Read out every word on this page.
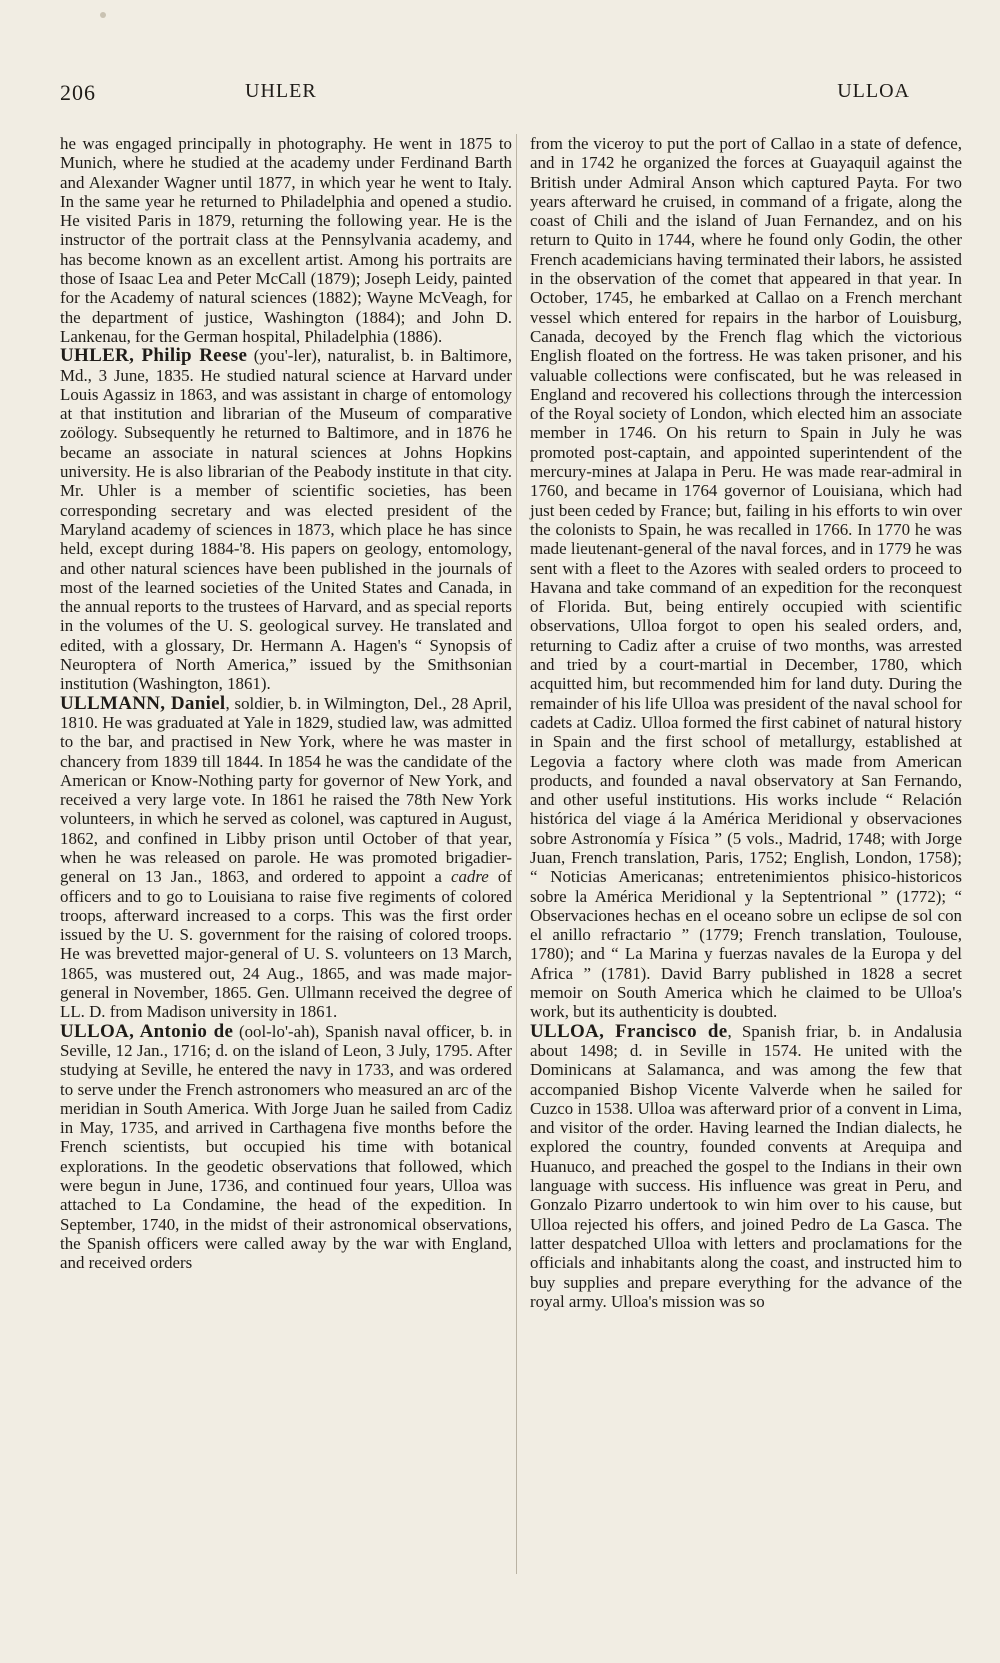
206	UHLER	ULLOA

he was engaged principally in photography. He went in 1875 to Munich, where he studied at the academy under Ferdinand Barth and Alexander Wagner until 1877, in which year he went to Italy. In the same year he returned to Philadelphia and opened a studio. He visited Paris in 1879, returning the following year. He is the instructor of the portrait class at the Pennsylvania academy, and has become known as an excellent artist. Among his portraits are those of Isaac Lea and Peter McCall (1879); Joseph Leidy, painted for the Academy of natural sciences (1882); Wayne McVeagh, for the department of justice, Washington (1884); and John D. Lankenau, for the German hospital, Philadelphia (1886).

UHLER, Philip Reese (you'-ler), naturalist, b. in Baltimore, Md., 3 June, 1835. He studied natural science at Harvard under Louis Agassiz in 1863, and was assistant in charge of entomology at that institution and librarian of the Museum of comparative zoölogy. Subsequently he returned to Baltimore, and in 1876 he became an associate in natural sciences at Johns Hopkins university. He is also librarian of the Peabody institute in that city. Mr. Uhler is a member of scientific societies, has been corresponding secretary and was elected president of the Maryland academy of sciences in 1873, which place he has since held, except during 1884-'8. His papers on geology, entomology, and other natural sciences have been published in the journals of most of the learned societies of the United States and Canada, in the annual reports to the trustees of Harvard, and as special reports in the volumes of the U. S. geological survey. He translated and edited, with a glossary, Dr. Hermann A. Hagen's “ Synopsis of Neuroptera of North America,” issued by the Smithsonian institution (Washington, 1861).

ULLMANN, Daniel, soldier, b. in Wilmington, Del., 28 April, 1810. He was graduated at Yale in 1829, studied law, was admitted to the bar, and practised in New York, where he was master in chancery from 1839 till 1844. In 1854 he was the candidate of the American or Know-Nothing party for governor of New York, and received a very large vote. In 1861 he raised the 78th New York volunteers, in which he served as colonel, was captured in August, 1862, and confined in Libby prison until October of that year, when he was released on parole. He was promoted brigadier-general on 13 Jan., 1863, and ordered to appoint a cadre of officers and to go to Louisiana to raise five regiments of colored troops, afterward increased to a corps. This was the first order issued by the U. S. government for the raising of colored troops. He was brevetted major-general of U. S. volunteers on 13 March, 1865, was mustered out, 24 Aug., 1865, and was made major-general in November, 1865. Gen. Ullmann received the degree of LL. D. from Madison university in 1861.

ULLOA, Antonio de (ool-lo'-ah), Spanish naval officer, b. in Seville, 12 Jan., 1716; d. on the island of Leon, 3 July, 1795. After studying at Seville, he entered the navy in 1733, and was ordered to serve under the French astronomers who measured an arc of the meridian in South America. With Jorge Juan he sailed from Cadiz in May, 1735, and arrived in Carthagena five months before the French scientists, but occupied his time with botanical explorations. In the geodetic observations that followed, which were begun in June, 1736, and continued four years, Ulloa was attached to La Condamine, the head of the expedition. In September, 1740, in the midst of their astronomical observations, the Spanish officers were called away by the war with England, and received orders

from the viceroy to put the port of Callao in a state of defence, and in 1742 he organized the forces at Guayaquil against the British under Admiral Anson which captured Payta. For two years afterward he cruised, in command of a frigate, along the coast of Chili and the island of Juan Fernandez, and on his return to Quito in 1744, where he found only Godin, the other French academicians having terminated their labors, he assisted in the observation of the comet that appeared in that year. In October, 1745, he embarked at Callao on a French merchant vessel which entered for repairs in the harbor of Louisburg, Canada, decoyed by the French flag which the victorious English floated on the fortress. He was taken prisoner, and his valuable collections were confiscated, but he was released in England and recovered his collections through the intercession of the Royal society of London, which elected him an associate member in 1746. On his return to Spain in July he was promoted post-captain, and appointed superintendent of the mercury-mines at Jalapa in Peru. He was made rear-admiral in 1760, and became in 1764 governor of Louisiana, which had just been ceded by France; but, failing in his efforts to win over the colonists to Spain, he was recalled in 1766. In 1770 he was made lieutenant-general of the naval forces, and in 1779 he was sent with a fleet to the Azores with sealed orders to proceed to Havana and take command of an expedition for the reconquest of Florida. But, being entirely occupied with scientific observations, Ulloa forgot to open his sealed orders, and, returning to Cadiz after a cruise of two months, was arrested and tried by a court-martial in December, 1780, which acquitted him, but recommended him for land duty. During the remainder of his life Ulloa was president of the naval school for cadets at Cadiz. Ulloa formed the first cabinet of natural history in Spain and the first school of metallurgy, established at Legovia a factory where cloth was made from American products, and founded a naval observatory at San Fernando, and other useful institutions. His works include “ Relación histórica del viage á la América Meridional y observaciones sobre Astronomía y Física ” (5 vols., Madrid, 1748; with Jorge Juan, French translation, Paris, 1752; English, London, 1758); “ Noticias Americanas; entretenimientos phisico-historicos sobre la América Meridional y la Septentrional ” (1772); “ Observaciones hechas en el oceano sobre un eclipse de sol con el anillo refractario ” (1779; French translation, Toulouse, 1780); and “ La Marina y fuerzas navales de la Europa y del Africa ” (1781). David Barry published in 1828 a secret memoir on South America which he claimed to be Ulloa's work, but its authenticity is doubted.

ULLOA, Francisco de, Spanish friar, b. in Andalusia about 1498; d. in Seville in 1574. He united with the Dominicans at Salamanca, and was among the few that accompanied Bishop Vicente Valverde when he sailed for Cuzco in 1538. Ulloa was afterward prior of a convent in Lima, and visitor of the order. Having learned the Indian dialects, he explored the country, founded convents at Arequipa and Huanuco, and preached the gospel to the Indians in their own language with success. His influence was great in Peru, and Gonzalo Pizarro undertook to win him over to his cause, but Ulloa rejected his offers, and joined Pedro de La Gasca. The latter despatched Ulloa with letters and proclamations for the officials and inhabitants along the coast, and instructed him to buy supplies and prepare everything for the advance of the royal army. Ulloa's mission was so
